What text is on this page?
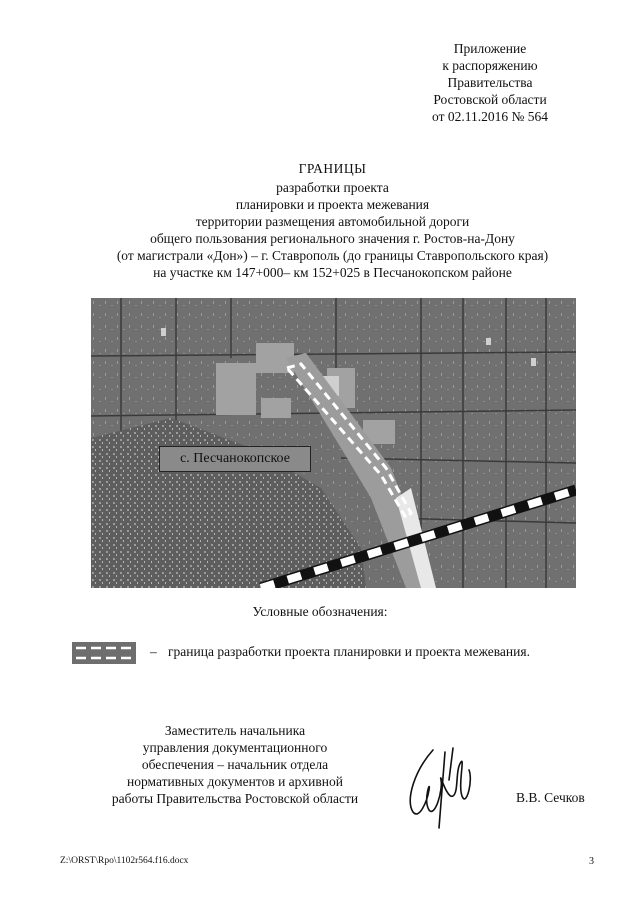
Приложение
к распоряжению
Правительства
Ростовской области
от 02.11.2016 № 564
ГРАНИЦЫ
разработки проекта
планировки и проекта межевания
территории размещения автомобильной дороги
общего пользования регионального значения г. Ростов-на-Дону
(от магистрали «Дон») – г. Ставрополь (до границы Ставропольского края)
на участке км 147+000– км 152+025 в Песчанокопском районе
с. Песчанокопское
Условные обозначения:
– граница разработки проекта планировки и проекта межевания.
Заместитель начальника
управления документационного
обеспечения – начальник отдела
нормативных документов и архивной
работы Правительства Ростовской области	В.В. Сечков
Z:\ORST\Rpo\1102r564.f16.docx	3
